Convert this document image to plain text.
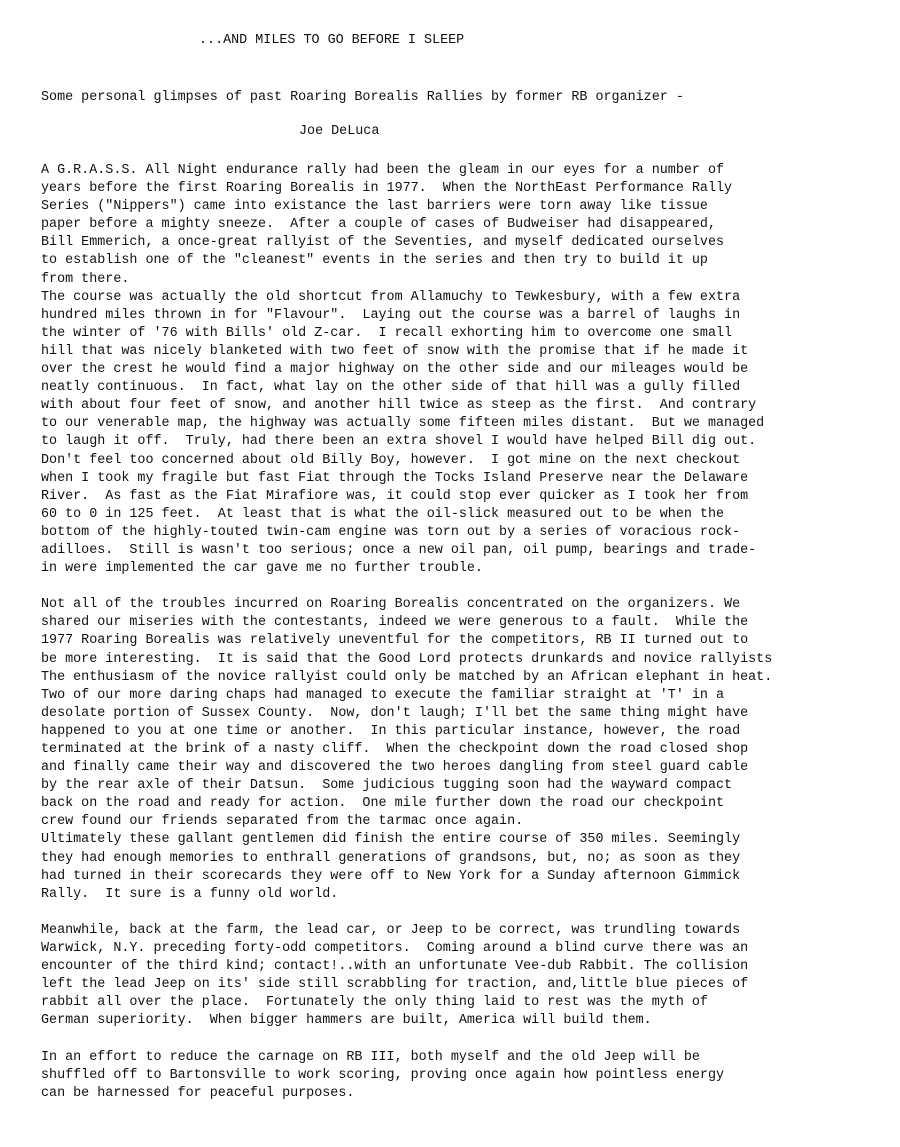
...AND MILES TO GO BEFORE I SLEEP

Some personal glimpses of past Roaring Borealis Rallies by former RB organizer -

Joe DeLuca

A G.R.A.S.S. All Night endurance rally had been the gleam in our eyes for a number of
years before the first Roaring Borealis in 1977.  When the NorthEast Performance Rally
Series ("Nippers") came into existance the last barriers were torn away like tissue
paper before a mighty sneeze.  After a couple of cases of Budweiser had disappeared,
Bill Emmerich, a once-great rallyist of the Seventies, and myself dedicated ourselves
to establish one of the "cleanest" events in the series and then try to build it up
from there.
The course was actually the old shortcut from Allamuchy to Tewkesbury, with a few extra
hundred miles thrown in for "Flavour".  Laying out the course was a barrel of laughs in
the winter of '76 with Bills' old Z-car.  I recall exhorting him to overcome one small
hill that was nicely blanketed with two feet of snow with the promise that if he made it
over the crest he would find a major highway on the other side and our mileages would be
neatly continuous.  In fact, what lay on the other side of that hill was a gully filled
with about four feet of snow, and another hill twice as steep as the first.  And contrary
to our venerable map, the highway was actually some fifteen miles distant.  But we managed
to laugh it off.  Truly, had there been an extra shovel I would have helped Bill dig out.
Don't feel too concerned about old Billy Boy, however.  I got mine on the next checkout
when I took my fragile but fast Fiat through the Tocks Island Preserve near the Delaware
River.  As fast as the Fiat Mirafiore was, it could stop ever quicker as I took her from
60 to 0 in 125 feet.  At least that is what the oil-slick measured out to be when the
bottom of the highly-touted twin-cam engine was torn out by a series of voracious rock-
adilloes.  Still is wasn't too serious; once a new oil pan, oil pump, bearings and trade-
in were implemented the car gave me no further trouble.
Not all of the troubles incurred on Roaring Borealis concentrated on the organizers. We
shared our miseries with the contestants, indeed we were generous to a fault.  While the
1977 Roaring Borealis was relatively uneventful for the competitors, RB II turned out to
be more interesting.  It is said that the Good Lord protects drunkards and novice rallyists
The enthusiasm of the novice rallyist could only be matched by an African elephant in heat.
Two of our more daring chaps had managed to execute the familiar straight at 'T' in a
desolate portion of Sussex County.  Now, don't laugh; I'll bet the same thing might have
happened to you at one time or another.  In this particular instance, however, the road
terminated at the brink of a nasty cliff.  When the checkpoint down the road closed shop
and finally came their way and discovered the two heroes dangling from steel guard cable
by the rear axle of their Datsun.  Some judicious tugging soon had the wayward compact
back on the road and ready for action.  One mile further down the road our checkpoint
crew found our friends separated from the tarmac once again.
Ultimately these gallant gentlemen did finish the entire course of 350 miles. Seemingly
they had enough memories to enthrall generations of grandsons, but, no; as soon as they
had turned in their scorecards they were off to New York for a Sunday afternoon Gimmick
Rally.  It sure is a funny old world.
Meanwhile, back at the farm, the lead car, or Jeep to be correct, was trundling towards
Warwick, N.Y. preceding forty-odd competitors.  Coming around a blind curve there was an
encounter of the third kind; contact!..with an unfortunate Vee-dub Rabbit. The collision
left the lead Jeep on its' side still scrabbling for traction, and,little blue pieces of
rabbit all over the place.  Fortunately the only thing laid to rest was the myth of
German superiority.  When bigger hammers are built, America will build them.
In an effort to reduce the carnage on RB III, both myself and the old Jeep will be
shuffled off to Bartonsville to work scoring, proving once again how pointless energy
can be harnessed for peaceful purposes.
